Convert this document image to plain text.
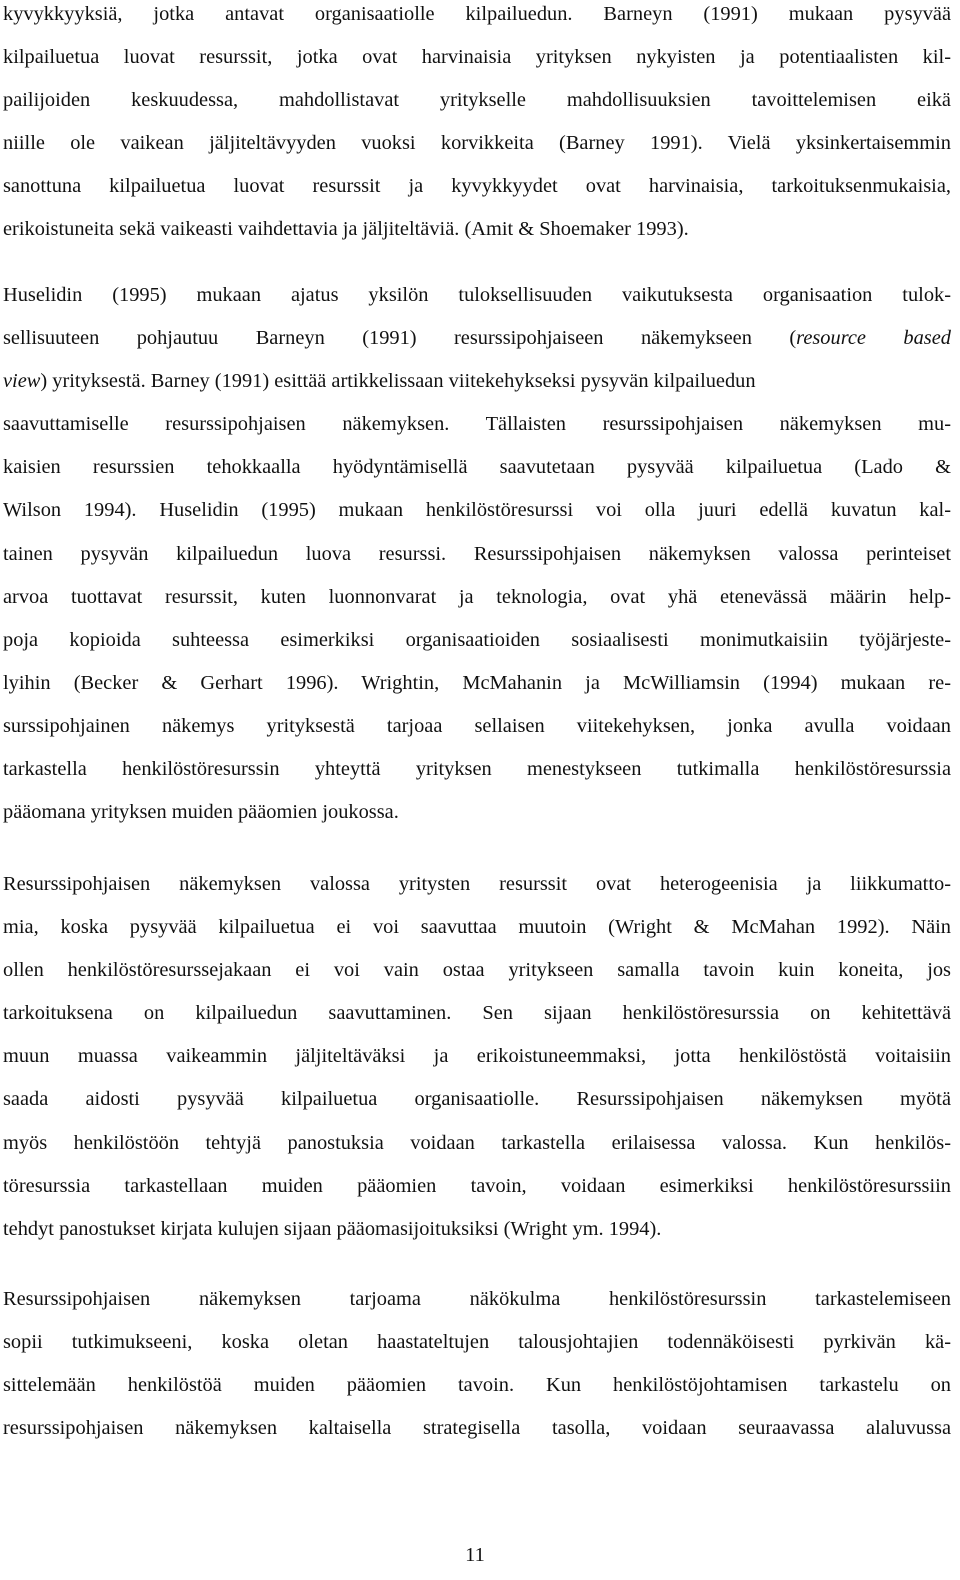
kyvykkyyksiä, jotka antavat organisaatiolle kilpailuedun. Barneyn (1991) mukaan pysyvää
kilpailuetua luovat resurssit, jotka ovat harvinaisia yrityksen nykyisten ja potentiaalisten kil-
pailijoiden keskuudessa, mahdollistavat yritykselle mahdollisuuksien tavoittelemisen eikä
niille ole vaikean jäljiteltävyyden vuoksi korvikkeita (Barney 1991). Vielä yksinkertaisemmin
sanottuna kilpailuetua luovat resurssit ja kyvykkyydet ovat harvinaisia, tarkoituksenmukaisia,
erikoistuneita sekä vaikeasti vaihdettavia ja jäljiteltäviä. (Amit & Shoemaker 1993).
Huselidin (1995) mukaan ajatus yksilön tuloksellisuuden vaikutuksesta organisaation tulok-
sellisuuteen pohjautuu Barneyn (1991) resurssipohjaiseen näkemykseen (resource based
view) yrityksestä. Barney (1991) esittää artikkelissaan viitekehykseksi pysyvän kilpailuedun
saavuttamiselle resurssipohjaisen näkemyksen. Tällaisten resurssipohjaisen näkemyksen mu-
kaisien resurssien tehokkaalla hyödyntämisellä saavutetaan pysyvää kilpailuetua (Lado &
Wilson 1994). Huselidin (1995) mukaan henkilöstöresurssi voi olla juuri edellä kuvatun kal-
tainen pysyvän kilpailuedun luova resurssi. Resurssipohjaisen näkemyksen valossa perinteiset
arvoa tuottavat resurssit, kuten luonnonvarat ja teknologia, ovat yhä etenevässä määrin help-
poja kopioida suhteessa esimerkiksi organisaatioiden sosiaalisesti monimutkaisiin työjärjeste-
lyihin (Becker & Gerhart 1996). Wrightin, McMahanin ja McWilliamsin (1994) mukaan re-
surssipohjainen näkemys yrityksestä tarjoaa sellaisen viitekehyksen, jonka avulla voidaan
tarkastella henkilöstöresurssin yhteyttä yrityksen menestykseen tutkimalla henkilöstöresurssia
pääomana yrityksen muiden pääomien joukossa.
Resurssipohjaisen näkemyksen valossa yritysten resurssit ovat heterogeenisia ja liikkumatto-
mia, koska pysyvää kilpailuetua ei voi saavuttaa muutoin (Wright & McMahan 1992). Näin
ollen henkilöstöresurssejakaan ei voi vain ostaa yritykseen samalla tavoin kuin koneita, jos
tarkoituksena on kilpailuedun saavuttaminen. Sen sijaan henkilöstöresurssia on kehitettävä
muun muassa vaikeammin jäljiteltäväksi ja erikoistuneemmaksi, jotta henkilöstöstä voitaisiin
saada aidosti pysyvää kilpailuetua organisaatiolle. Resurssipohjaisen näkemyksen myötä
myös henkilöstöön tehtyjä panostuksia voidaan tarkastella erilaisessa valossa. Kun henkilös-
töresurssia tarkastellaan muiden pääomien tavoin, voidaan esimerkiksi henkilöstöresurssiin
tehdyt panostukset kirjata kulujen sijaan pääomasijoituksiksi (Wright ym. 1994).
Resurssipohjaisen näkemyksen tarjoama näkökulma henkilöstöresurssin tarkastelemiseen
sopii tutkimukseeni, koska oletan haastateltujen talousjohtajien todennäköisesti pyrkivän kä-
sittelemään henkilöstöä muiden pääomien tavoin. Kun henkilöstöjohtamisen tarkastelu on
resurssipohjaisen näkemyksen kaltaisella strategisella tasolla, voidaan seuraavassa alaluvussa
11
